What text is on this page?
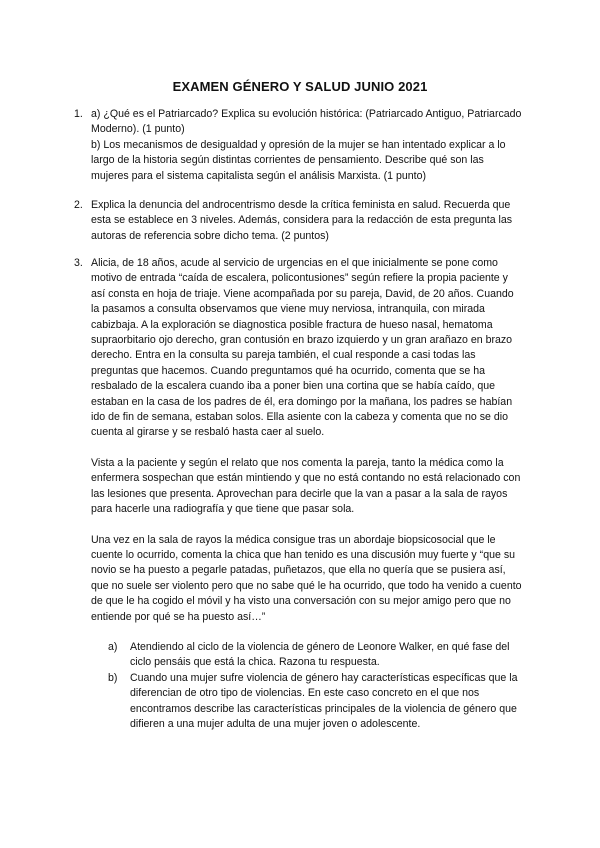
EXAMEN GÉNERO Y SALUD JUNIO 2021
1. a) ¿Qué es el Patriarcado? Explica su evolución histórica: (Patriarcado Antiguo, Patriarcado Moderno). (1 punto)

b) Los mecanismos de desigualdad y opresión de la mujer se han intentado explicar a lo largo de la historia según distintas corrientes de pensamiento. Describe qué son las mujeres para el sistema capitalista según el análisis Marxista. (1 punto)

2. Explica la denuncia del androcentrismo desde la crítica feminista en salud. Recuerda que esta se establece en 3 niveles. Además, considera para la redacción de esta pregunta las autoras de referencia sobre dicho tema. (2 puntos)

3. Alicia, de 18 años, acude al servicio de urgencias en el que inicialmente se pone como motivo de entrada “caída de escalera, policontusiones” según refiere la propia paciente y así consta en hoja de triaje. Viene acompañada por su pareja, David, de 20 años. Cuando la pasamos a consulta observamos que viene muy nerviosa, intranquila, con mirada cabizbaja. A la exploración se diagnostica posible fractura de hueso nasal, hematoma supraorbitario ojo derecho, gran contusión en brazo izquierdo y un gran arañazo en brazo derecho. Entra en la consulta su pareja también, el cual responde a casi todas las preguntas que hacemos. Cuando preguntamos qué ha ocurrido, comenta que se ha resbalado de la escalera cuando iba a poner bien una cortina que se había caído, que estaban en la casa de los padres de él, era domingo por la mañana, los padres se habían ido de fin de semana, estaban solos. Ella asiente con la cabeza y comenta que no se dio cuenta al girarse y se resbaló hasta caer al suelo.

Vista a la paciente y según el relato que nos comenta la pareja, tanto la médica como la enfermera sospechan que están mintiendo y que no está contando no está relacionado con las lesiones que presenta. Aprovechan para decirle que la van a pasar a la sala de rayos para hacerle una radiografía y que tiene que pasar sola.

Una vez en la sala de rayos la médica consigue tras un abordaje biopsicosocial que le cuente lo ocurrido, comenta la chica que han tenido es una discusión muy fuerte y “que su novio se ha puesto a pegarle patadas, puñetazos, que ella no quería que se pusiera así, que no suele ser violento pero que no sabe qué le ha ocurrido, que todo ha venido a cuento de que le ha cogido el móvil y ha visto una conversación con su mejor amigo pero que no entiende por qué se ha puesto así…”

a) Atendiendo al ciclo de la violencia de género de Leonore Walker, en qué fase del ciclo pensáis que está la chica. Razona tu respuesta.

b) Cuando una mujer sufre violencia de género hay características específicas que la diferencian de otro tipo de violencias. En este caso concreto en el que nos encontramos describe las características principales de la violencia de género que difieren a una mujer adulta de una mujer joven o adolescente.
